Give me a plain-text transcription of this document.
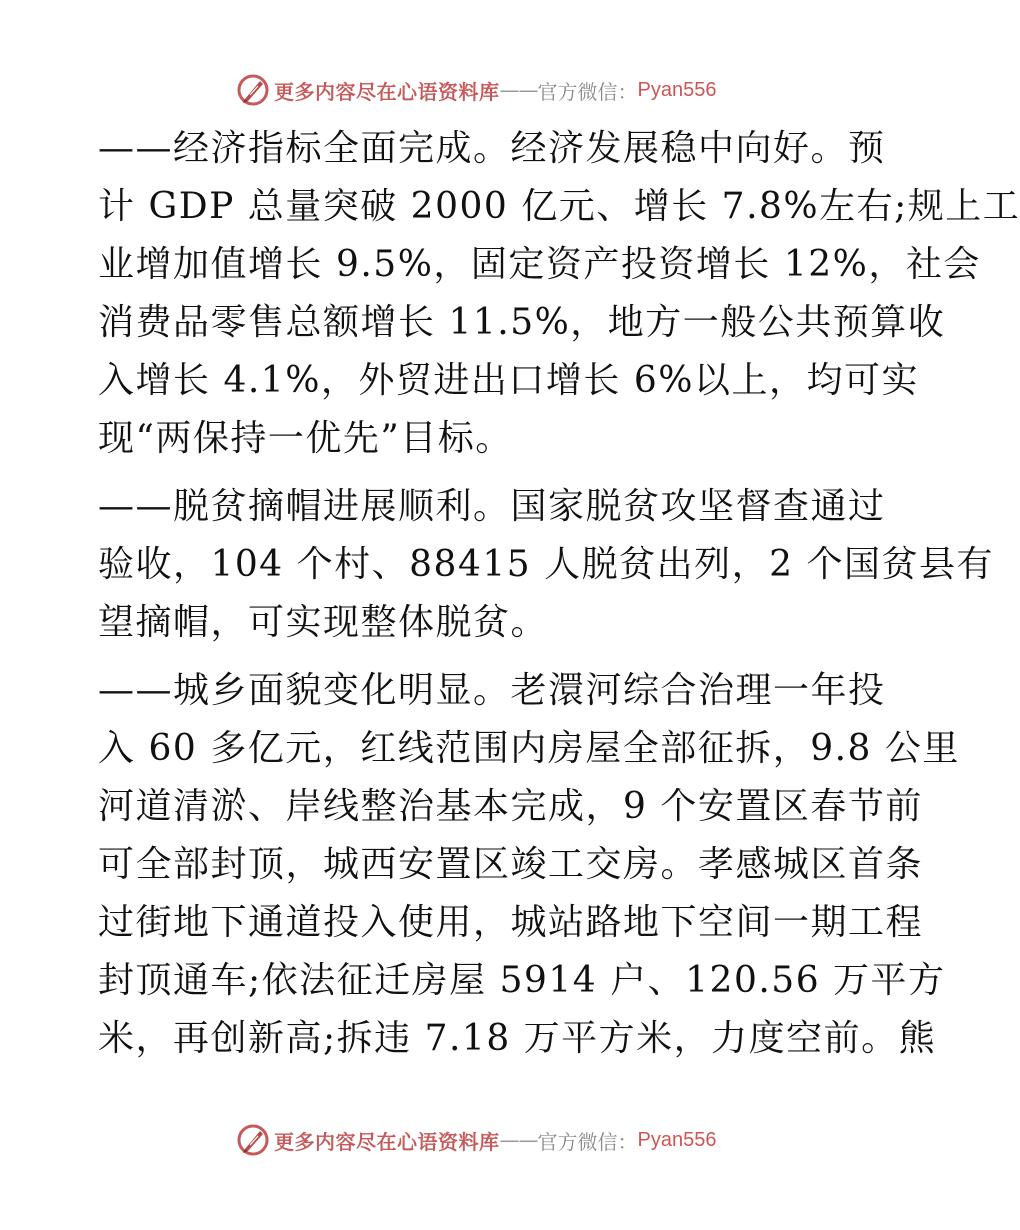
更多内容尽在心语资料库 —— 官方微信： Pyan556
——经济指标全面完成。经济发展稳中向好。预
计 GDP 总量突破 2000 亿元、增长 7.8%左右;规上工
业增加值增长 9.5%，固定资产投资增长 12%，社会
消费品零售总额增长 11.5%，地方一般公共预算收
入增长 4.1%，外贸进出口增长 6%以上，均可实
现“两保持一优先”目标。
——脱贫摘帽进展顺利。国家脱贫攻坚督查通过
验收，104 个村、88415 人脱贫出列，2 个国贫县有
望摘帽，可实现整体脱贫。
——城乡面貌变化明显。老澴河综合治理一年投
入 60 多亿元，红线范围内房屋全部征拆，9.8 公里
河道清淤、岸线整治基本完成，9 个安置区春节前
可全部封顶，城西安置区竣工交房。孝感城区首条
过街地下通道投入使用，城站路地下空间一期工程
封顶通车;依法征迁房屋 5914 户、120.56 万平方
米，再创新高;拆违 7.18 万平方米，力度空前。熊
更多内容尽在心语资料库 —— 官方微信： Pyan556
